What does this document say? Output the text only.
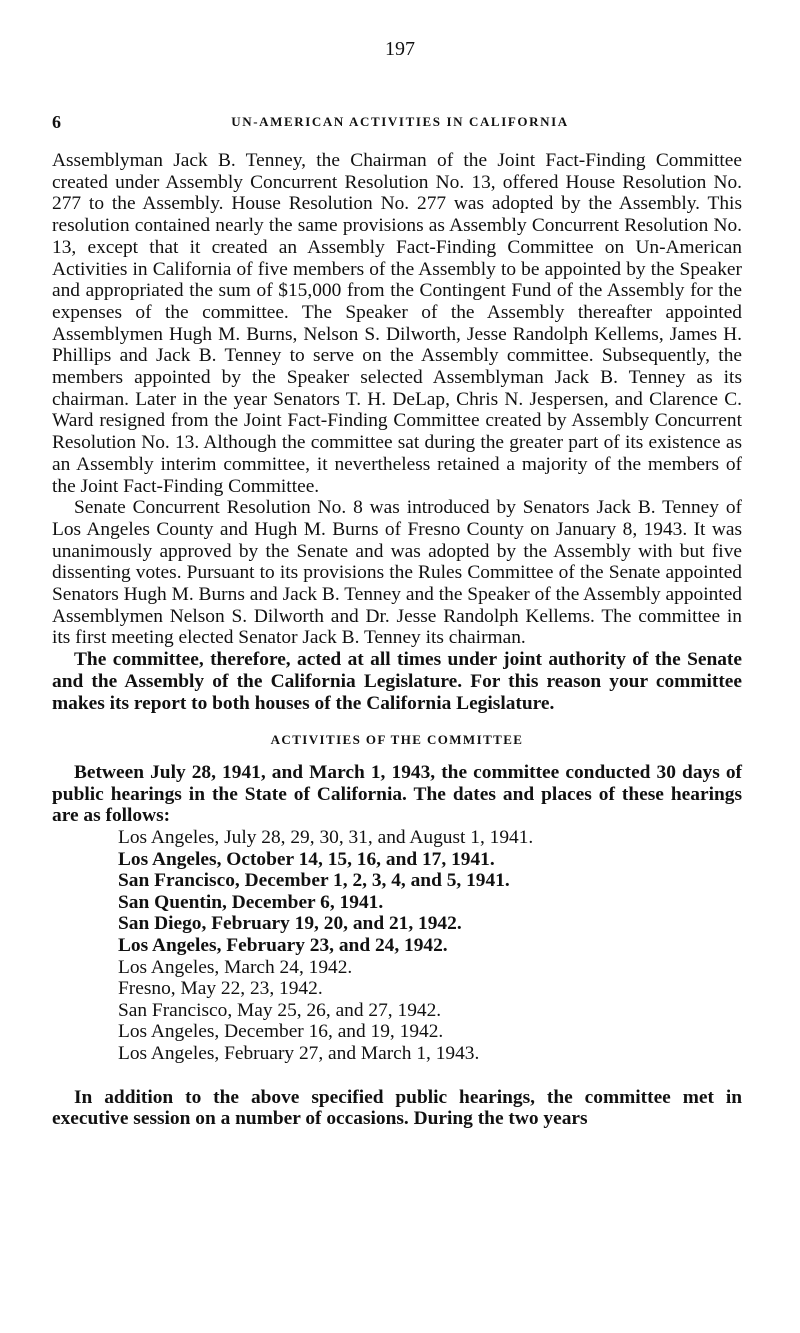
197
6	UN-AMERICAN ACTIVITIES IN CALIFORNIA

Assemblyman Jack B. Tenney, the Chairman of the Joint Fact-Finding Committee created under Assembly Concurrent Resolution No. 13, offered House Resolution No. 277 to the Assembly. House Resolution No. 277 was adopted by the Assembly. This resolution contained nearly the same provisions as Assembly Concurrent Resolution No. 13, except that it created an Assembly Fact-Finding Committee on Un-American Activities in California of five members of the Assembly to be appointed by the Speaker and appropriated the sum of $15,000 from the Contingent Fund of the Assembly for the expenses of the committee. The Speaker of the Assembly thereafter appointed Assemblymen Hugh M. Burns, Nelson S. Dilworth, Jesse Randolph Kellems, James H. Phillips and Jack B. Tenney to serve on the Assembly committee. Subsequently, the members appointed by the Speaker selected Assemblyman Jack B. Tenney as its chairman. Later in the year Senators T. H. DeLap, Chris N. Jespersen, and Clarence C. Ward resigned from the Joint Fact-Finding Committee created by Assembly Concurrent Resolution No. 13. Although the committee sat during the greater part of its existence as an Assembly interim committee, it nevertheless retained a majority of the members of the Joint Fact-Finding Committee.

Senate Concurrent Resolution No. 8 was introduced by Senators Jack B. Tenney of Los Angeles County and Hugh M. Burns of Fresno County on January 8, 1943. It was unanimously approved by the Senate and was adopted by the Assembly with but five dissenting votes. Pursuant to its provisions the Rules Committee of the Senate appointed Senators Hugh M. Burns and Jack B. Tenney and the Speaker of the Assembly appointed Assemblymen Nelson S. Dilworth and Dr. Jesse Randolph Kellems. The committee in its first meeting elected Senator Jack B. Tenney its chairman.

The committee, therefore, acted at all times under joint authority of the Senate and the Assembly of the California Legislature. For this reason your committee makes its report to both houses of the California Legislature.

ACTIVITIES OF THE COMMITTEE

Between July 28, 1941, and March 1, 1943, the committee conducted 30 days of public hearings in the State of California. The dates and places of these hearings are as follows:

Los Angeles, July 28, 29, 30, 31, and August 1, 1941.
Los Angeles, October 14, 15, 16, and 17, 1941.
San Francisco, December 1, 2, 3, 4, and 5, 1941.
San Quentin, December 6, 1941.
San Diego, February 19, 20, and 21, 1942.
Los Angeles, February 23, and 24, 1942.
Los Angeles, March 24, 1942.
Fresno, May 22, 23, 1942.
San Francisco, May 25, 26, and 27, 1942.
Los Angeles, December 16, and 19, 1942.
Los Angeles, February 27, and March 1, 1943.

In addition to the above specified public hearings, the committee met in executive session on a number of occasions. During the two years
